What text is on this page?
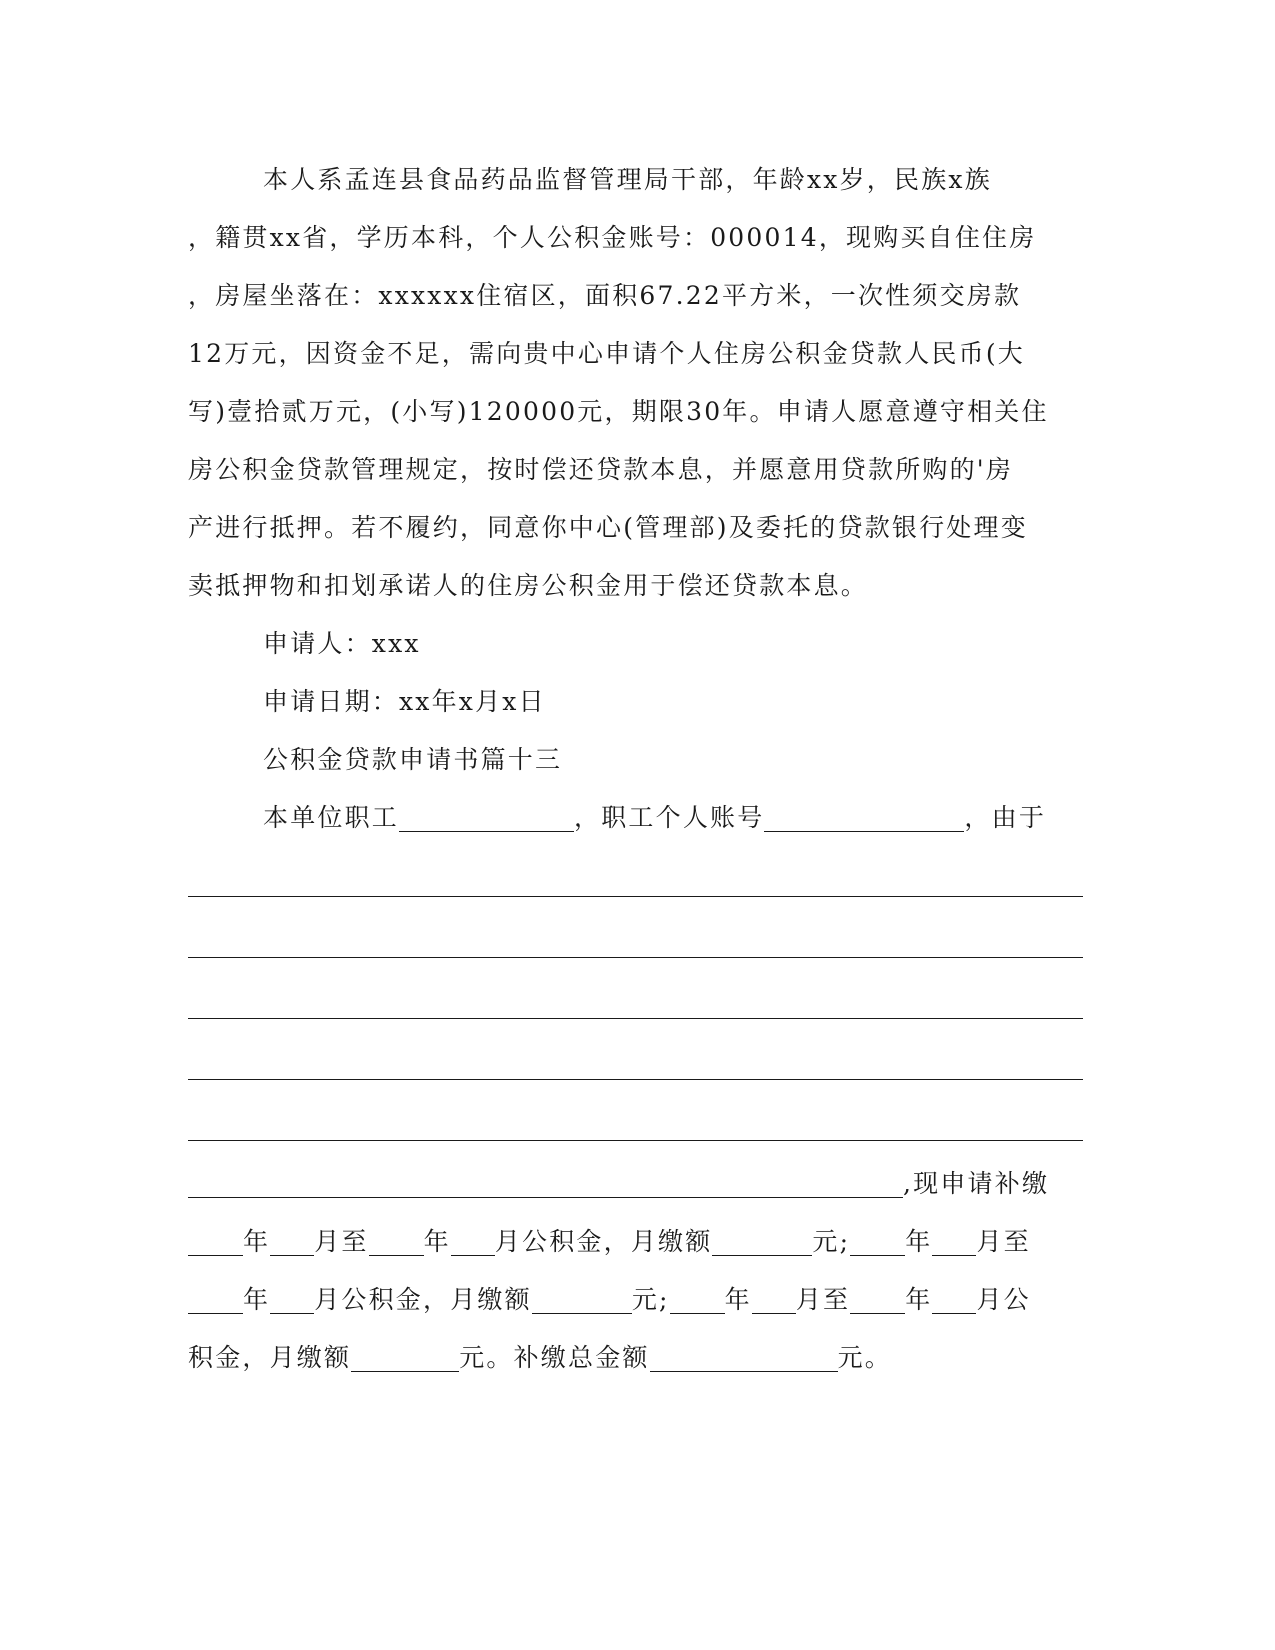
本人系孟连县食品药品监督管理局干部，年龄xx岁，民族x族
，籍贯xx省，学历本科，个人公积金账号：000014，现购买自住住房
，房屋坐落在：xxxxxx住宿区，面积67.22平方米，一次性须交房款
12万元，因资金不足，需向贵中心申请个人住房公积金贷款人民币(大
写)壹拾贰万元，(小写)120000元，期限30年。申请人愿意遵守相关住
房公积金贷款管理规定，按时偿还贷款本息，并愿意用贷款所购的'房
产进行抵押。若不履约，同意你中心(管理部)及委托的贷款银行处理变
卖抵押物和扣划承诺人的住房公积金用于偿还贷款本息。
申请人：xxx
申请日期：xx年x月x日
公积金贷款申请书篇十三
本单位职工	，职工个人账号	，由于
,现申请补缴
年 月至 年 月公积金，月缴额	元; 年 月至
年 月公积金，月缴额	元; 年 月至 年 月公
积金，月缴额	元。补缴总金额	元。
